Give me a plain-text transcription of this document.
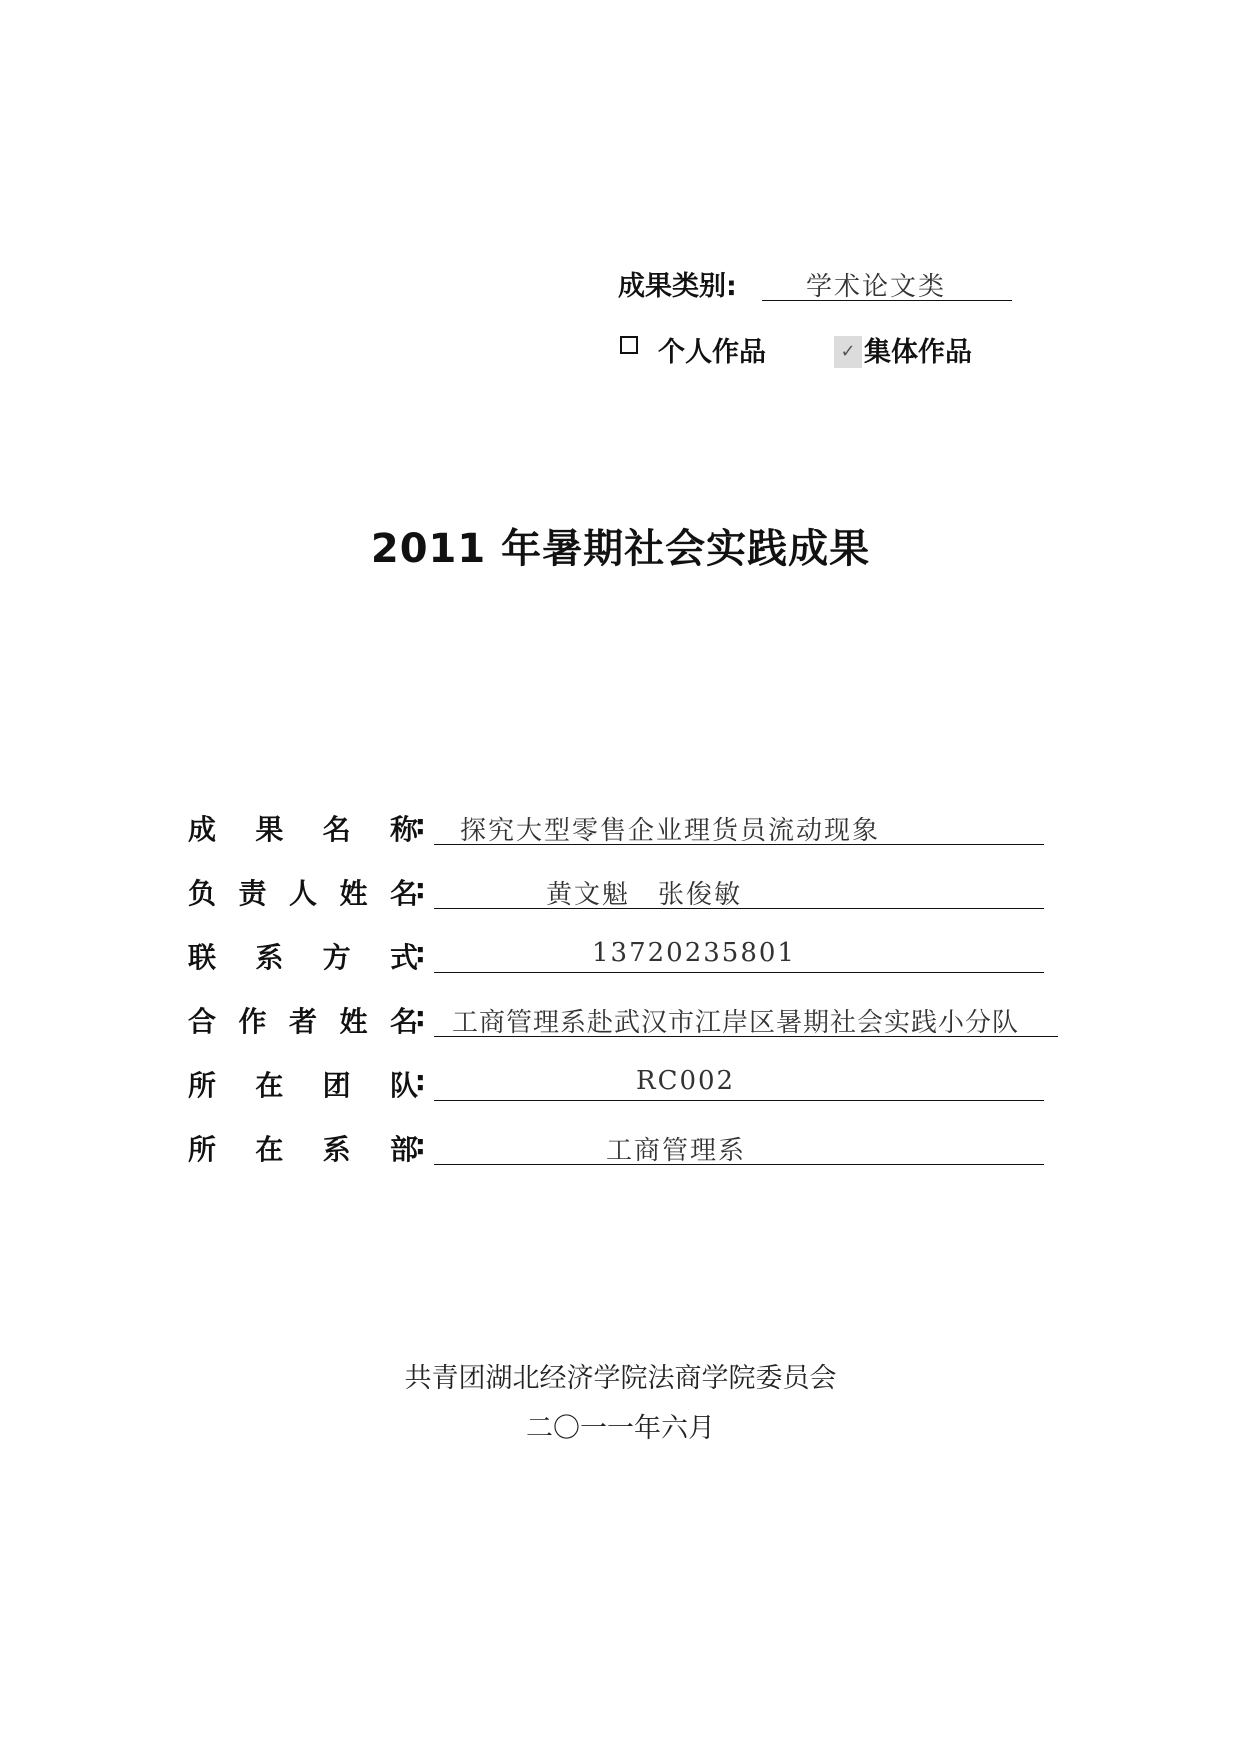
成果类别:	学术论文类
个人作品	✓ 集体作品
2011 年暑期社会实践成果
成果名称
: 探究大型零售企业理货员流动现象
负责人姓名
:	黄文魁　张俊敏
联系方式
:	13720235801
合作者姓名
: 工商管理系赴武汉市江岸区暑期社会实践小分队
所在团队
:	RC002
所在系部
:	工商管理系
共青团湖北经济学院法商学院委员会
二〇一一年六月
